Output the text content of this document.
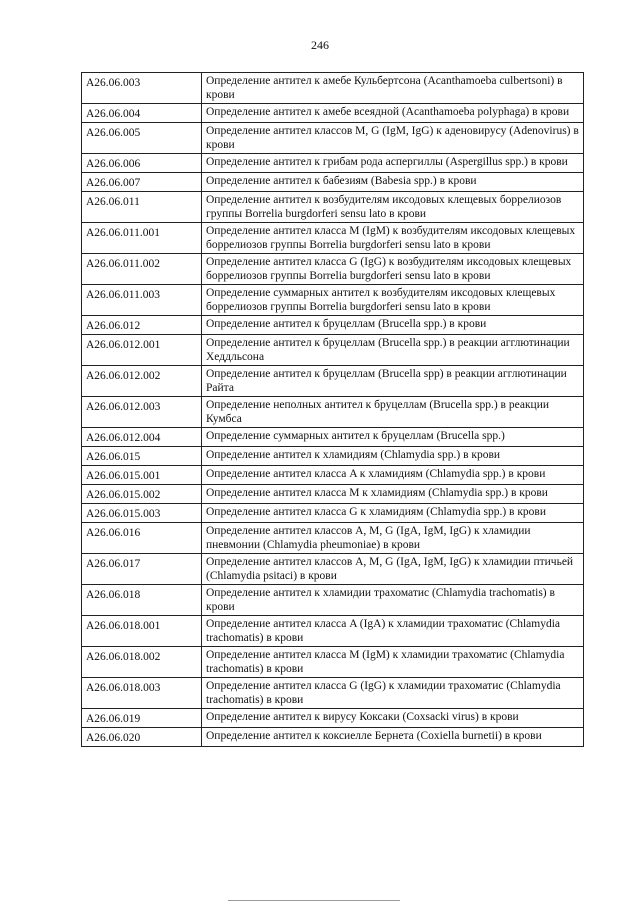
246
A26.06.003	Определение антител к амебе Кульбертсона (Acanthamoeba culbertsoni) в крови
A26.06.004	Определение антител к амебе всеядной (Acanthamoeba polyphaga) в крови
A26.06.005	Определение антител классов M, G (IgM, IgG) к аденовирусу (Adenovirus) в крови
A26.06.006	Определение антител к грибам рода аспергиллы (Aspergillus spp.) в крови
A26.06.007	Определение антител к бабезиям (Babesia spp.) в крови
A26.06.011	Определение антител к возбудителям иксодовых клещевых боррелиозов группы Borrelia burgdorferi sensu lato в крови
A26.06.011.001	Определение антител класса M (IgM) к возбудителям иксодовых клещевых боррелиозов группы Borrelia burgdorferi sensu lato в крови
A26.06.011.002	Определение антител класса G (IgG) к возбудителям иксодовых клещевых боррелиозов группы Borrelia burgdorferi sensu lato в крови
A26.06.011.003	Определение суммарных антител к возбудителям иксодовых клещевых боррелиозов группы Borrelia burgdorferi sensu lato в крови
A26.06.012	Определение антител к бруцеллам (Brucella spp.) в крови
A26.06.012.001	Определение антител к бруцеллам (Brucella spp.) в реакции агглютинации Хеддльсона
A26.06.012.002	Определение антител к бруцеллам (Brucella spp) в реакции агглютинации Райта
A26.06.012.003	Определение неполных антител к бруцеллам (Brucella spp.) в реакции Кумбса
A26.06.012.004	Определение суммарных антител к бруцеллам (Brucella spp.)
A26.06.015	Определение антител к хламидиям (Chlamydia spp.) в крови
A26.06.015.001	Определение антител класса A к хламидиям (Chlamydia spp.) в крови
A26.06.015.002	Определение антител класса M к хламидиям (Chlamydia spp.) в крови
A26.06.015.003	Определение антител класса G к хламидиям (Chlamydia spp.) в крови
A26.06.016	Определение антител классов A, M, G (IgA, IgM, IgG) к хламидии пневмонии (Chlamydia pheumoniae) в крови
A26.06.017	Определение антител классов A, M, G (IgA, IgM, IgG) к хламидии птичьей (Chlamydia psitaci) в крови
A26.06.018	Определение антител к хламидии трахоматис (Chlamydia trachomatis) в крови
A26.06.018.001	Определение антител класса A (IgA) к хламидии трахоматис (Chlamydia trachomatis) в крови
A26.06.018.002	Определение антител класса M (IgM) к хламидии трахоматис (Chlamydia trachomatis) в крови
A26.06.018.003	Определение антител класса G (IgG) к хламидии трахоматис (Chlamydia trachomatis) в крови
A26.06.019	Определение антител к вирусу Коксаки (Coxsacki virus) в крови
A26.06.020	Определение антител к коксиелле Бернета (Coxiella burnetii) в крови
